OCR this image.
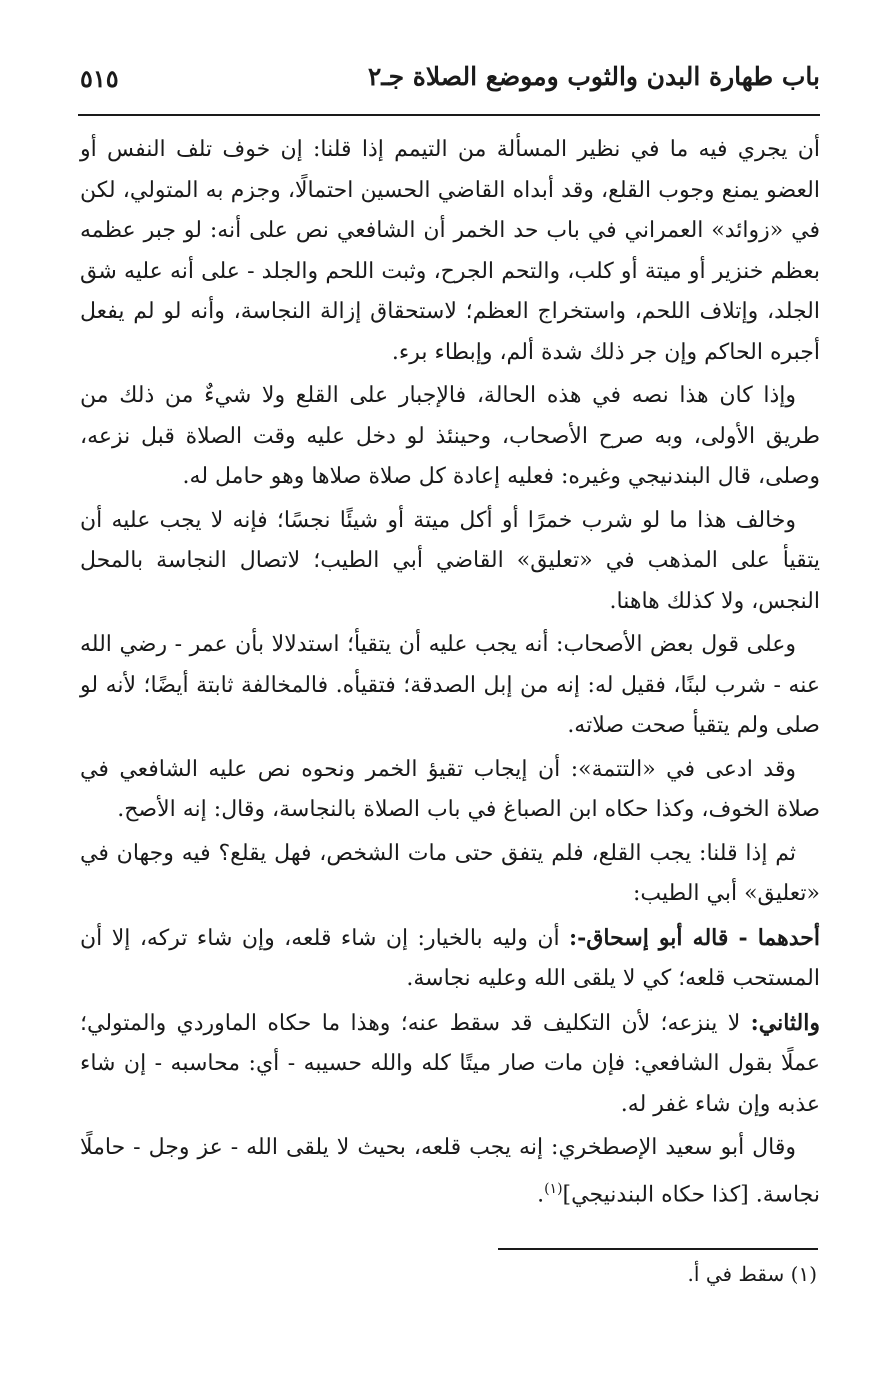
باب طهارة البدن والثوب وموضع الصلاة جـ٢
٥١٥

أن يجري فيه ما في نظير المسألة من التيمم إذا قلنا: إن خوف تلف النفس أو العضو يمنع وجوب القلع، وقد أبداه القاضي الحسين احتمالًا، وجزم به المتولي، لكن في «زوائد» العمراني في باب حد الخمر أن الشافعي نص على أنه: لو جبر عظمه بعظم خنزير أو ميتة أو كلب، والتحم الجرح، وثبت اللحم والجلد - على أنه عليه شق الجلد، وإتلاف اللحم، واستخراج العظم؛ لاستحقاق إزالة النجاسة، وأنه لو لم يفعل أجبره الحاكم وإن جر ذلك شدة ألم، وإبطاء برء.

وإذا كان هذا نصه في هذه الحالة، فالإجبار على القلع ولا شيءٌ من ذلك من طريق الأولى، وبه صرح الأصحاب، وحينئذ لو دخل عليه وقت الصلاة قبل نزعه، وصلى، قال البندنيجي وغيره: فعليه إعادة كل صلاة صلاها وهو حامل له.

وخالف هذا ما لو شرب خمرًا أو أكل ميتة أو شيئًا نجسًا؛ فإنه لا يجب عليه أن يتقيأ على المذهب في «تعليق» القاضي أبي الطيب؛ لاتصال النجاسة بالمحل النجس، ولا كذلك هاهنا.

وعلى قول بعض الأصحاب: أنه يجب عليه أن يتقيأ؛ استدلالا بأن عمر - رضي الله عنه - شرب لبنًا، فقيل له: إنه من إبل الصدقة؛ فتقيأه. فالمخالفة ثابتة أيضًا؛ لأنه لو صلى ولم يتقيأ صحت صلاته.

وقد ادعى في «التتمة»: أن إيجاب تقيؤ الخمر ونحوه نص عليه الشافعي في صلاة الخوف، وكذا حكاه ابن الصباغ في باب الصلاة بالنجاسة، وقال: إنه الأصح.

ثم إذا قلنا: يجب القلع، فلم يتفق حتى مات الشخص، فهل يقلع؟ فيه وجهان في «تعليق» أبي الطيب:

أحدهما - قاله أبو إسحاق-: أن وليه بالخيار: إن شاء قلعه، وإن شاء تركه، إلا أن المستحب قلعه؛ كي لا يلقى الله وعليه نجاسة.

والثاني: لا ينزعه؛ لأن التكليف قد سقط عنه؛ وهذا ما حكاه الماوردي والمتولي؛ عملًا بقول الشافعي: فإن مات صار ميتًا كله والله حسيبه - أي: محاسبه - إن شاء عذبه وإن شاء غفر له.

وقال أبو سعيد الإصطخري: إنه يجب قلعه، بحيث لا يلقى الله - عز وجل - حاملًا نجاسة. [كذا حكاه البندنيجي]$^{(١)}$.

(١) سقط في أ.
